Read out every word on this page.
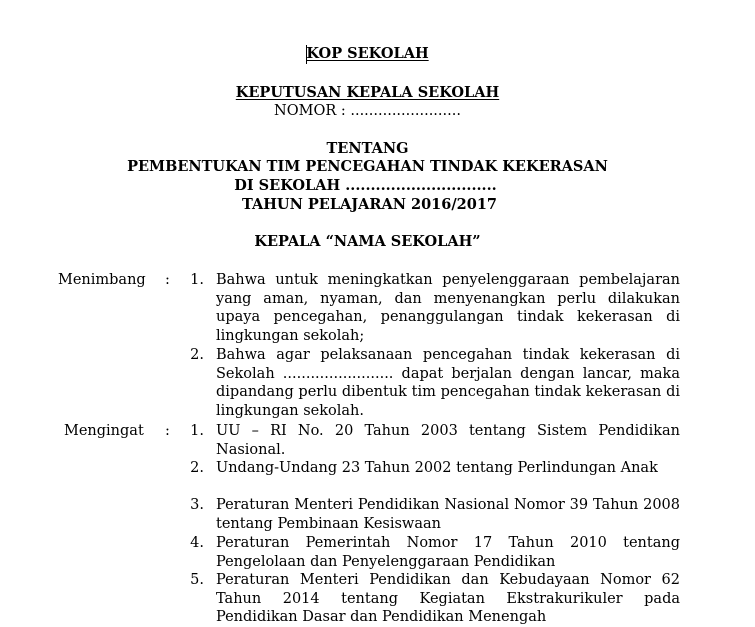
KOP SEKOLAH
KEPUTUSAN KEPALA SEKOLAH
NOMOR : ........................
TENTANG
PEMBENTUKAN TIM PENCEGAHAN TINDAK KEKERASAN
DI SEKOLAH ..............................
TAHUN PELAJARAN 2016/2017
KEPALA “NAMA SEKOLAH”
Menimbang :	1. Bahwa untuk meningkatkan penyelenggaraan pembelajaran yang aman, nyaman, dan menyenangkan perlu dilakukan upaya pencegahan, penanggulangan tindak kekerasan di lingkungan sekolah;
2. Bahwa agar pelaksanaan pencegahan tindak kekerasan di Sekolah ........................ dapat berjalan dengan lancar, maka dipandang perlu dibentuk tim pencegahan tindak kekerasan di lingkungan sekolah.
Mengingat :	1. UU – RI No. 20 Tahun 2003 tentang Sistem Pendidikan Nasional.
2. Undang-Undang 23 Tahun 2002 tentang Perlindungan Anak
3. Peraturan Menteri Pendidikan Nasional Nomor 39 Tahun 2008 tentang Pembinaan Kesiswaan
4. Peraturan Pemerintah Nomor 17 Tahun 2010 tentang Pengelolaan dan Penyelenggaraan Pendidikan
5. Peraturan Menteri Pendidikan dan Kebudayaan Nomor 62 Tahun 2014 tentang Kegiatan Ekstrakurikuler pada Pendidikan Dasar dan Pendidikan Menengah
